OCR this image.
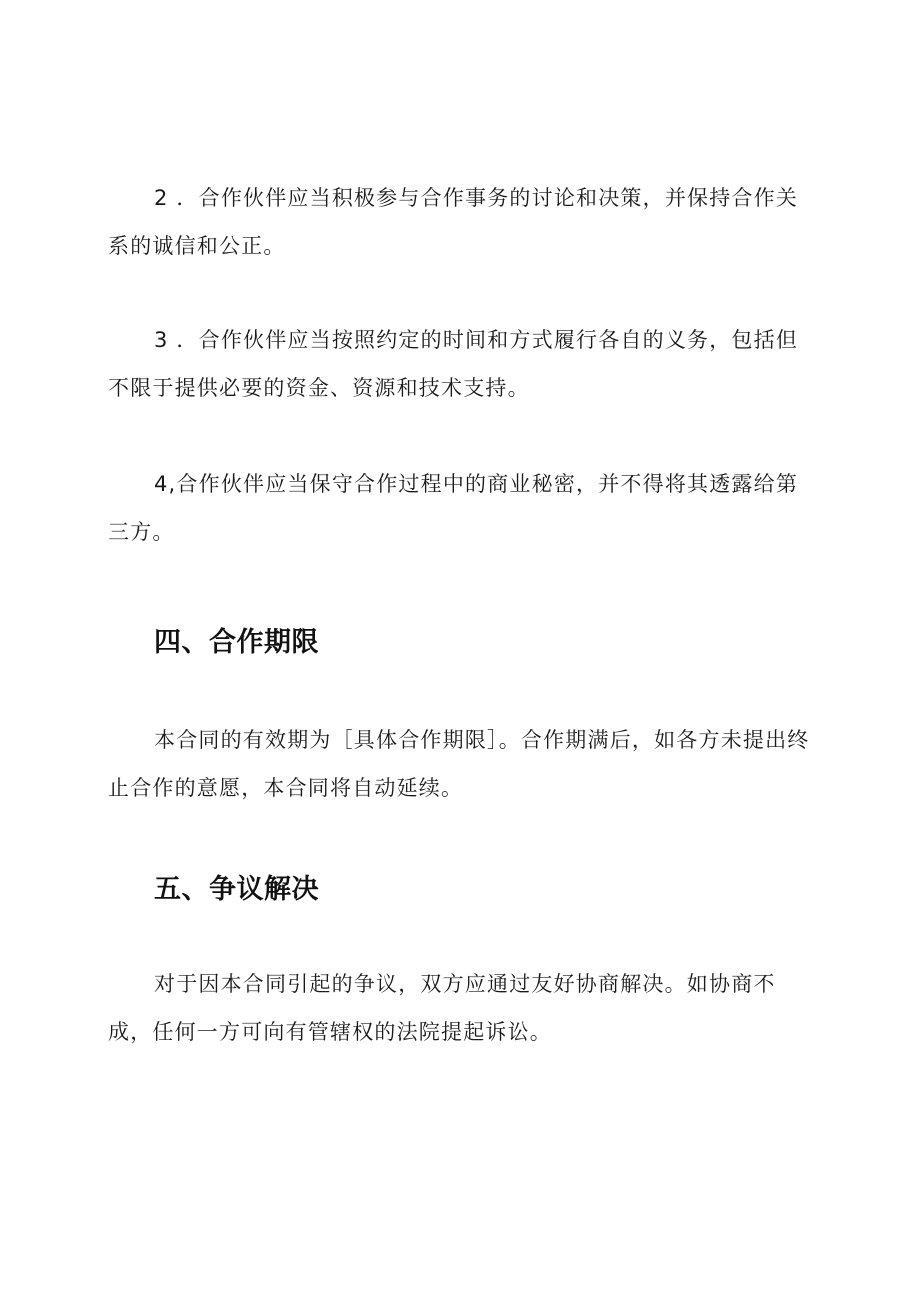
2 ．合作伙伴应当积极参与合作事务的讨论和决策，并保持合作关系的诚信和公正。

3 ．合作伙伴应当按照约定的时间和方式履行各自的义务，包括但不限于提供必要的资金、资源和技术支持。

4,合作伙伴应当保守合作过程中的商业秘密，并不得将其透露给第三方。

四、合作期限

本合同的有效期为［具体合作期限］。合作期满后，如各方未提出终止合作的意愿，本合同将自动延续。

五、争议解决

对于因本合同引起的争议，双方应通过友好协商解决。如协商不成，任何一方可向有管辖权的法院提起诉讼。
